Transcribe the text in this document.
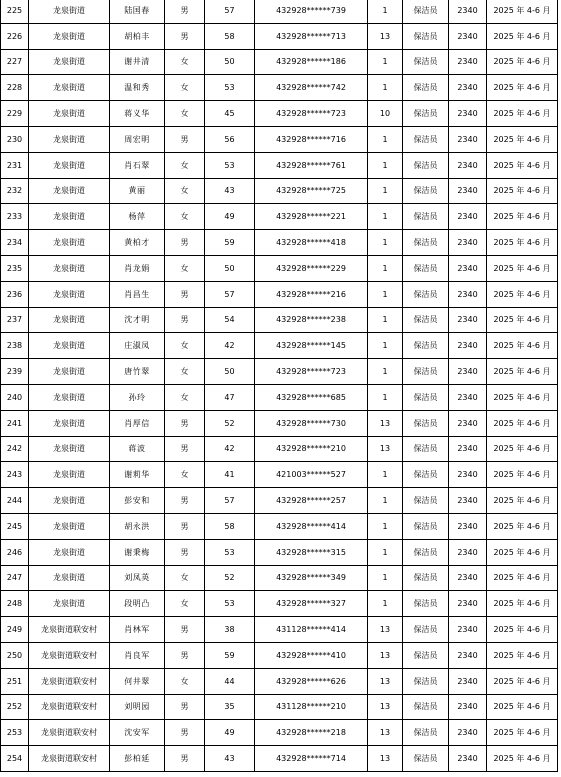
225	龙泉街道	陆国春	男	57	432928******739	1	保洁员	2340	2025 年 4-6 月
226	龙泉街道	胡柏丰	男	58	432928******713	13	保洁员	2340	2025 年 4-6 月
227	龙泉街道	谢井清	女	50	432928******186	1	保洁员	2340	2025 年 4-6 月
228	龙泉街道	温和秀	女	53	432928******742	1	保洁员	2340	2025 年 4-6 月
229	龙泉街道	蒋义华	女	45	432928******723	10	保洁员	2340	2025 年 4-6 月
230	龙泉街道	周宏明	男	56	432928******716	1	保洁员	2340	2025 年 4-6 月
231	龙泉街道	肖石翠	女	53	432928******761	1	保洁员	2340	2025 年 4-6 月
232	龙泉街道	黄丽	女	43	432928******725	1	保洁员	2340	2025 年 4-6 月
233	龙泉街道	杨萍	女	49	432928******221	1	保洁员	2340	2025 年 4-6 月
234	龙泉街道	黄柏才	男	59	432928******418	1	保洁员	2340	2025 年 4-6 月
235	龙泉街道	肖龙娟	女	50	432928******229	1	保洁员	2340	2025 年 4-6 月
236	龙泉街道	肖昌生	男	57	432928******216	1	保洁员	2340	2025 年 4-6 月
237	龙泉街道	沈才明	男	54	432928******238	1	保洁员	2340	2025 年 4-6 月
238	龙泉街道	庄淑凤	女	42	432928******145	1	保洁员	2340	2025 年 4-6 月
239	龙泉街道	唐竹翠	女	50	432928******723	1	保洁员	2340	2025 年 4-6 月
240	龙泉街道	孙玲	女	47	432928******685	1	保洁员	2340	2025 年 4-6 月
241	龙泉街道	肖厚信	男	52	432928******730	13	保洁员	2340	2025 年 4-6 月
242	龙泉街道	蒋波	男	42	432928******210	13	保洁员	2340	2025 年 4-6 月
243	龙泉街道	谢莉华	女	41	421003******527	1	保洁员	2340	2025 年 4-6 月
244	龙泉街道	彭安和	男	57	432928******257	1	保洁员	2340	2025 年 4-6 月
245	龙泉街道	胡永洪	男	58	432928******414	1	保洁员	2340	2025 年 4-6 月
246	龙泉街道	谢秉梅	男	53	432928******315	1	保洁员	2340	2025 年 4-6 月
247	龙泉街道	刘凤英	女	52	432928******349	1	保洁员	2340	2025 年 4-6 月
248	龙泉街道	段明凸	女	53	432928******327	1	保洁员	2340	2025 年 4-6 月
249	龙泉街道联安村	肖林军	男	38	431128******414	13	保洁员	2340	2025 年 4-6 月
250	龙泉街道联安村	肖良军	男	59	432928******410	13	保洁员	2340	2025 年 4-6 月
251	龙泉街道联安村	何井翠	女	44	432928******626	13	保洁员	2340	2025 年 4-6 月
252	龙泉街道联安村	刘明园	男	35	431128******210	13	保洁员	2340	2025 年 4-6 月
253	龙泉街道联安村	沈安军	男	49	432928******218	13	保洁员	2340	2025 年 4-6 月
254	龙泉街道联安村	彭柏延	男	43	432928******714	13	保洁员	2340	2025 年 4-6 月
